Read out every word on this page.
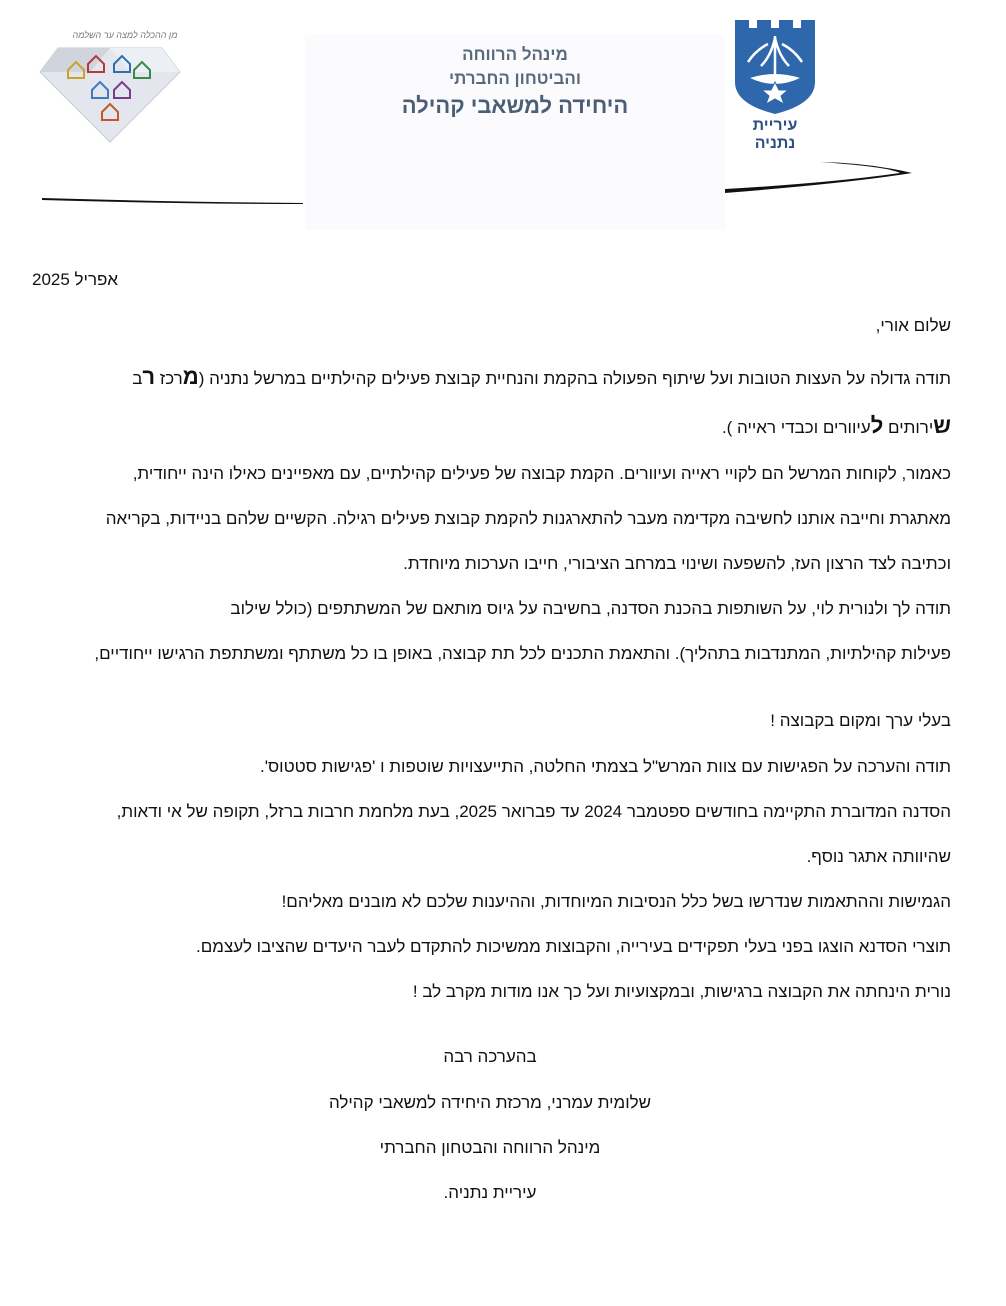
מן ההכלה למצה ער השלמה
מינהל הרווחה
והביטחון החברתי
היחידה למשאבי קהילה
עיריית נתניה
אפריל 2025
שלום אורי,
תודה גדולה על העצות הטובות ועל שיתוף הפעולה בהקמת והנחיית קבוצת פעילים קהילתיים במרשל נתניה (מרכז רב
שירותים לעיוורים וכבדי ראייה ).
כאמור, לקוחות המרשל הם לקויי ראייה ועיוורים. הקמת קבוצה של פעילים קהילתיים, עם מאפיינים כאילו הינה ייחודית,
מאתגרת וחייבה אותנו לחשיבה מקדימה מעבר להתארגנות להקמת קבוצת פעילים רגילה. הקשיים שלהם בניידות, בקריאה
וכתיבה לצד הרצון העז, להשפעה ושינוי במרחב הציבורי, חייבו הערכות מיוחדת.
תודה לך ולנורית לוי, על השותפות בהכנת הסדנה, בחשיבה על גיוס מותאם של המשתתפים (כולל שילוב
פעילות קהילתיות, המתנדבות בתהליך). והתאמת התכנים לכל תת קבוצה, באופן בו כל משתתף ומשתתפת הרגישו ייחודיים,
בעלי ערך ומקום בקבוצה !
תודה והערכה על הפגישות עם צוות המרש"ל בצמתי החלטה, התייעצויות שוטפות ו 'פגישות סטטוס'.
הסדנה המדוברת התקיימה בחודשים ספטמבר 2024 עד פברואר 2025, בעת מלחמת חרבות ברזל, תקופה של אי ודאות,
שהיוותה אתגר נוסף.
הגמישות וההתאמות שנדרשו בשל כלל הנסיבות המיוחדות, וההיענות שלכם לא מובנים מאליהם!
תוצרי הסדנא הוצגו בפני בעלי תפקידים בעירייה, והקבוצות ממשיכות להתקדם לעבר היעדים שהציבו לעצמם.
נורית הינחתה את הקבוצה ברגישות, ובמקצועיות ועל כך אנו מודות מקרב לב !
בהערכה רבה
שלומית עמרני, מרכזת היחידה למשאבי קהילה
מינהל הרווחה והבטחון החברתי
עיריית נתניה.
